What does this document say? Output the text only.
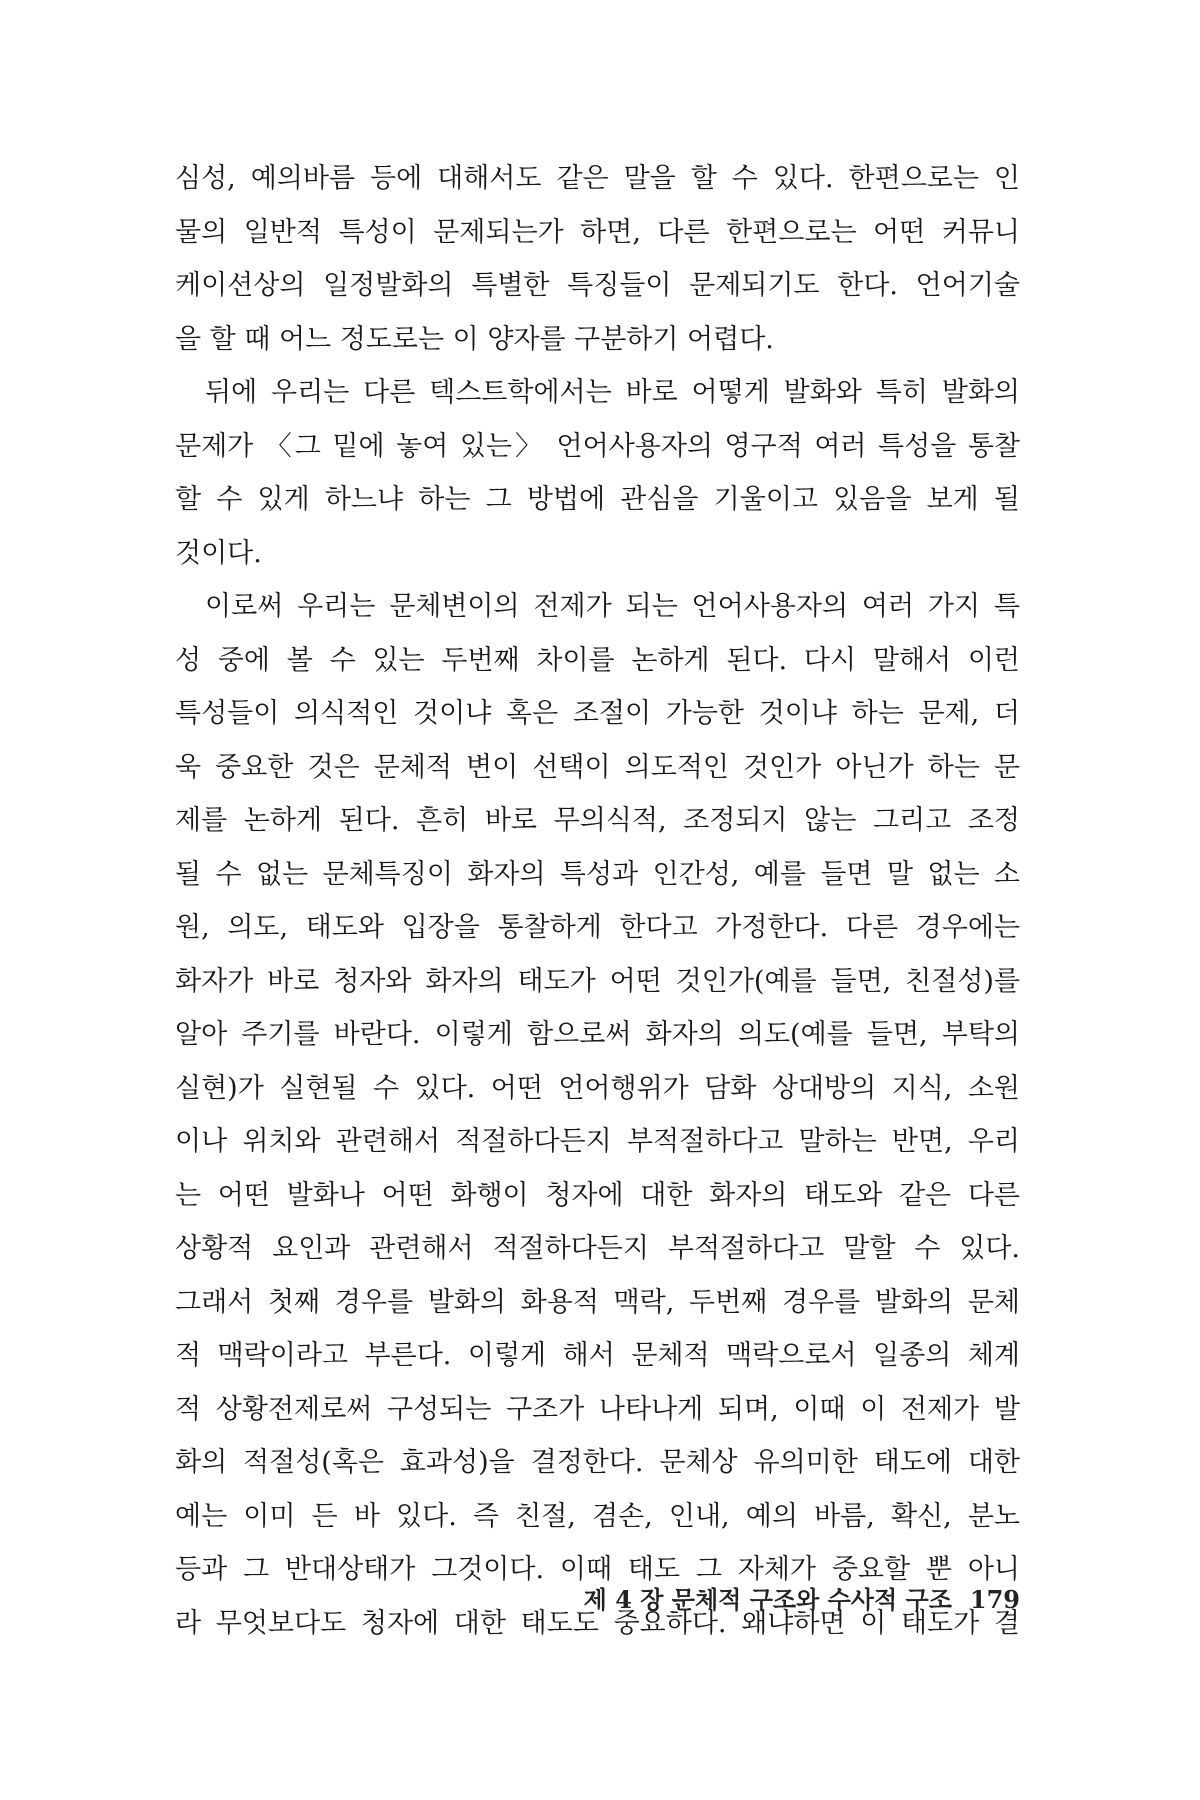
심성, 예의바름 등에 대해서도 같은 말을 할 수 있다. 한편으로는 인
물의 일반적 특성이 문제되는가 하면, 다른 한편으로는 어떤 커뮤니
케이션상의 일정발화의 특별한 특징들이 문제되기도 한다. 언어기술
을 할 때 어느 정도로는 이 양자를 구분하기 어렵다.
뒤에 우리는 다른 텍스트학에서는 바로 어떻게 발화와 특히 발화의
문제가 〈그 밑에 놓여 있는〉 언어사용자의 영구적 여러 특성을 통찰
할 수 있게 하느냐 하는 그 방법에 관심을 기울이고 있음을 보게 될
것이다.
이로써 우리는 문체변이의 전제가 되는 언어사용자의 여러 가지 특
성 중에 볼 수 있는 두번째 차이를 논하게 된다. 다시 말해서 이런
특성들이 의식적인 것이냐 혹은 조절이 가능한 것이냐 하는 문제, 더
욱 중요한 것은 문체적 변이 선택이 의도적인 것인가 아닌가 하는 문
제를 논하게 된다. 흔히 바로 무의식적, 조정되지 않는 그리고 조정
될 수 없는 문체특징이 화자의 특성과 인간성, 예를 들면 말 없는 소
원, 의도, 태도와 입장을 통찰하게 한다고 가정한다. 다른 경우에는
화자가 바로 청자와 화자의 태도가 어떤 것인가(예를 들면, 친절성)를
알아 주기를 바란다. 이렇게 함으로써 화자의 의도(예를 들면, 부탁의
실현)가 실현될 수 있다. 어떤 언어행위가 담화 상대방의 지식, 소원
이나 위치와 관련해서 적절하다든지 부적절하다고 말하는 반면, 우리
는 어떤 발화나 어떤 화행이 청자에 대한 화자의 태도와 같은 다른
상황적 요인과 관련해서 적절하다든지 부적절하다고 말할 수 있다.
그래서 첫째 경우를 발화의 화용적 맥락, 두번째 경우를 발화의 문체
적 맥락이라고 부른다. 이렇게 해서 문체적 맥락으로서 일종의 체계
적 상황전제로써 구성되는 구조가 나타나게 되며, 이때 이 전제가 발
화의 적절성(혹은 효과성)을 결정한다. 문체상 유의미한 태도에 대한
예는 이미 든 바 있다. 즉 친절, 겸손, 인내, 예의 바름, 확신, 분노
등과 그 반대상태가 그것이다. 이때 태도 그 자체가 중요할 뿐 아니
라 무엇보다도 청자에 대한 태도도 중요하다. 왜냐하면 이 태도가 결
제 4 장 문체적 구조와 수사적 구조 179
